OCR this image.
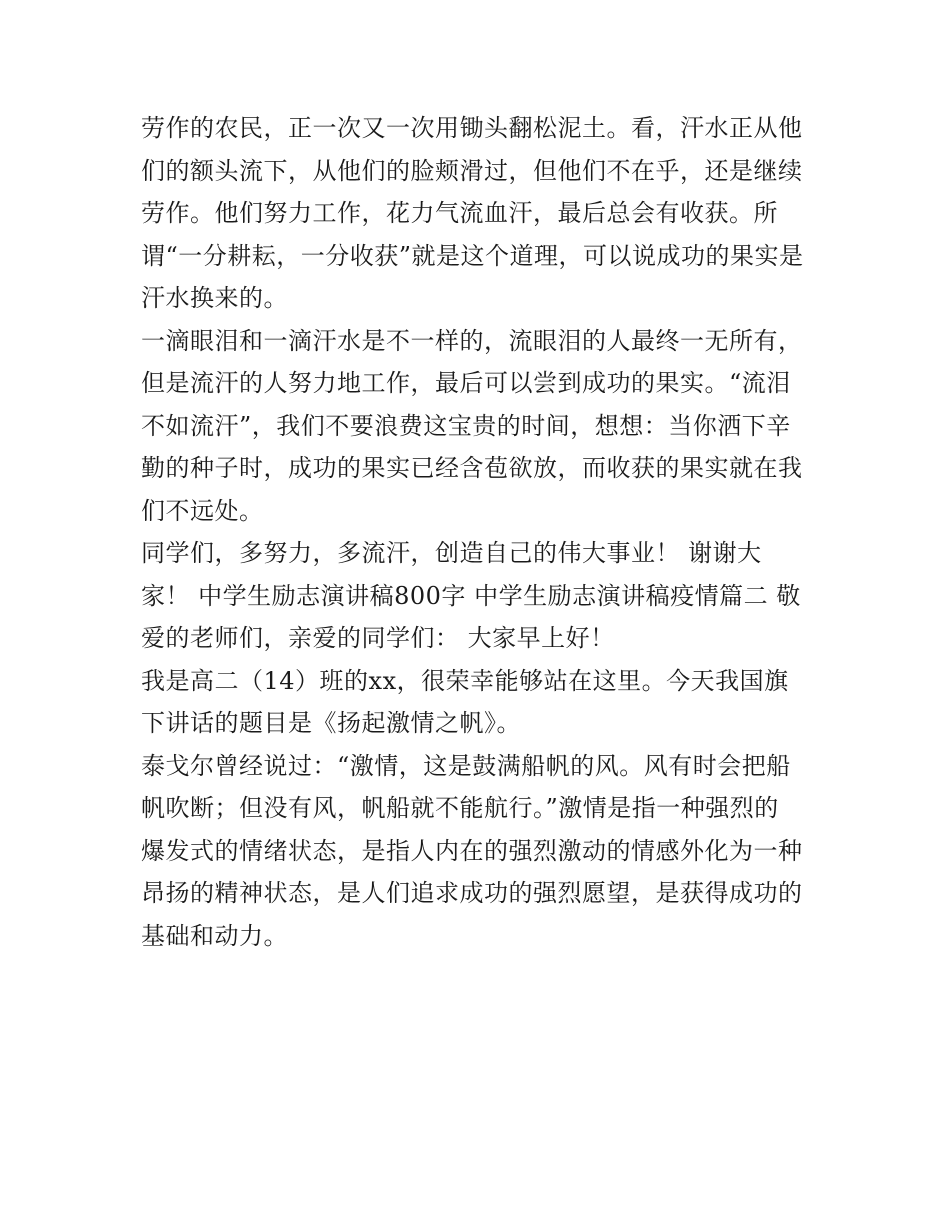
劳作的农民，正一次又一次用锄头翻松泥土。看，汗水正从他
们的额头流下，从他们的脸颊滑过，但他们不在乎，还是继续
劳作。他们努力工作，花力气流血汗，最后总会有收获。所
谓“一分耕耘，一分收获”就是这个道理，可以说成功的果实是
汗水换来的。

一滴眼泪和一滴汗水是不一样的，流眼泪的人最终一无所有，
但是流汗的人努力地工作，最后可以尝到成功的果实。“流泪
不如流汗”，我们不要浪费这宝贵的时间，想想：当你洒下辛
勤的种子时，成功的果实已经含苞欲放，而收获的果实就在我
们不远处。

同学们，多努力，多流汗，创造自己的伟大事业！ 谢谢大
家！ 中学生励志演讲稿800字 中学生励志演讲稿疫情篇二 敬
爱的老师们，亲爱的同学们： 大家早上好！

我是高二（14）班的xx，很荣幸能够站在这里。今天我国旗
下讲话的题目是《扬起激情之帆》。

泰戈尔曾经说过：“激情，这是鼓满船帆的风。风有时会把船
帆吹断；但没有风，帆船就不能航行。”激情是指一种强烈的
爆发式的情绪状态，是指人内在的强烈激动的情感外化为一种
昂扬的精神状态，是人们追求成功的强烈愿望，是获得成功的
基础和动力。
